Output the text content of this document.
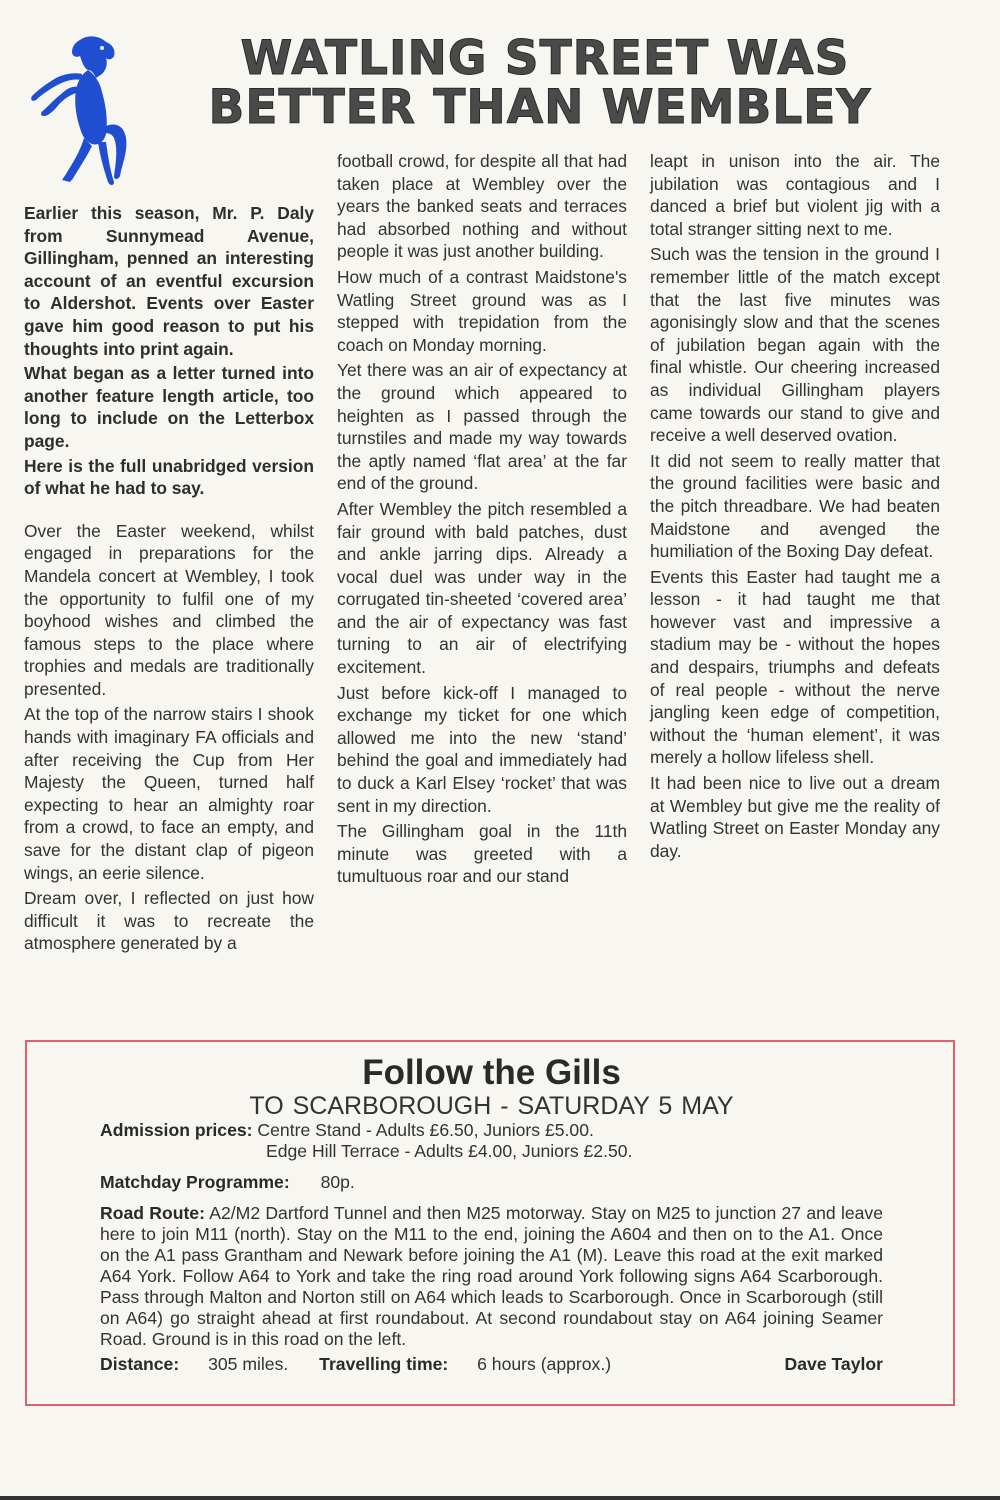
WATLING STREET WAS
BETTER THAN WEMBLEY

Earlier this season, Mr. P. Daly from Sunnymead Avenue, Gillingham, penned an interesting account of an eventful excursion to Aldershot. Events over Easter gave him good reason to put his thoughts into print again.

What began as a letter turned into another feature length article, too long to include on the Letterbox page.

Here is the full unabridged version of what he had to say.

Over the Easter weekend, whilst engaged in preparations for the Mandela concert at Wembley, I took the opportunity to fulfil one of my boyhood wishes and climbed the famous steps to the place where trophies and medals are traditionally presented.

At the top of the narrow stairs I shook hands with imaginary FA officials and after receiving the Cup from Her Majesty the Queen, turned half expecting to hear an almighty roar from a crowd, to face an empty, and save for the distant clap of pigeon wings, an eerie silence.

Dream over, I reflected on just how difficult it was to recreate the atmosphere generated by a

football crowd, for despite all that had taken place at Wembley over the years the banked seats and terraces had absorbed nothing and without people it was just another building.

How much of a contrast Maidstone's Watling Street ground was as I stepped with trepidation from the coach on Monday morning.

Yet there was an air of expectancy at the ground which appeared to heighten as I passed through the turnstiles and made my way towards the aptly named ‘flat area’ at the far end of the ground.

After Wembley the pitch resembled a fair ground with bald patches, dust and ankle jarring dips. Already a vocal duel was under way in the corrugated tin-sheeted ‘covered area’ and the air of expectancy was fast turning to an air of electrifying excitement.

Just before kick-off I managed to exchange my ticket for one which allowed me into the new ‘stand’ behind the goal and immediately had to duck a Karl Elsey ‘rocket’ that was sent in my direction.

The Gillingham goal in the 11th minute was greeted with a tumultuous roar and our stand

leapt in unison into the air. The jubilation was contagious and I danced a brief but violent jig with a total stranger sitting next to me.

Such was the tension in the ground I remember little of the match except that the last five minutes was agonisingly slow and that the scenes of jubilation began again with the final whistle. Our cheering increased as individual Gillingham players came towards our stand to give and receive a well deserved ovation.

It did not seem to really matter that the ground facilities were basic and the pitch threadbare. We had beaten Maidstone and avenged the humiliation of the Boxing Day defeat.

Events this Easter had taught me a lesson - it had taught me that however vast and impressive a stadium may be - without the hopes and despairs, triumphs and defeats of real people - without the nerve jangling keen edge of competition, without the ‘human element’, it was merely a hollow lifeless shell.

It had been nice to live out a dream at Wembley but give me the reality of Watling Street on Easter Monday any day.

Follow the Gills

TO SCARBOROUGH - SATURDAY 5 MAY

Admission prices: Centre Stand - Adults £6.50, Juniors £5.00.

Edge Hill Terrace - Adults £4.00, Juniors £2.50.

Matchday Programme: 80p.

Road Route: A2/M2 Dartford Tunnel and then M25 motorway. Stay on M25 to junction 27 and leave here to join M11 (north). Stay on the M11 to the end, joining the A604 and then on to the A1. Once on the A1 pass Grantham and Newark before joining the A1 (M). Leave this road at the exit marked A64 York. Follow A64 to York and take the ring road around York following signs A64 Scarborough. Pass through Malton and Norton still on A64 which leads to Scarborough. Once in Scarborough (still on A64) go straight ahead at first roundabout. At second roundabout stay on A64 joining Seamer Road. Ground is in this road on the left.

Distance: 305 miles. Travelling time: 6 hours (approx.)	Dave Taylor
